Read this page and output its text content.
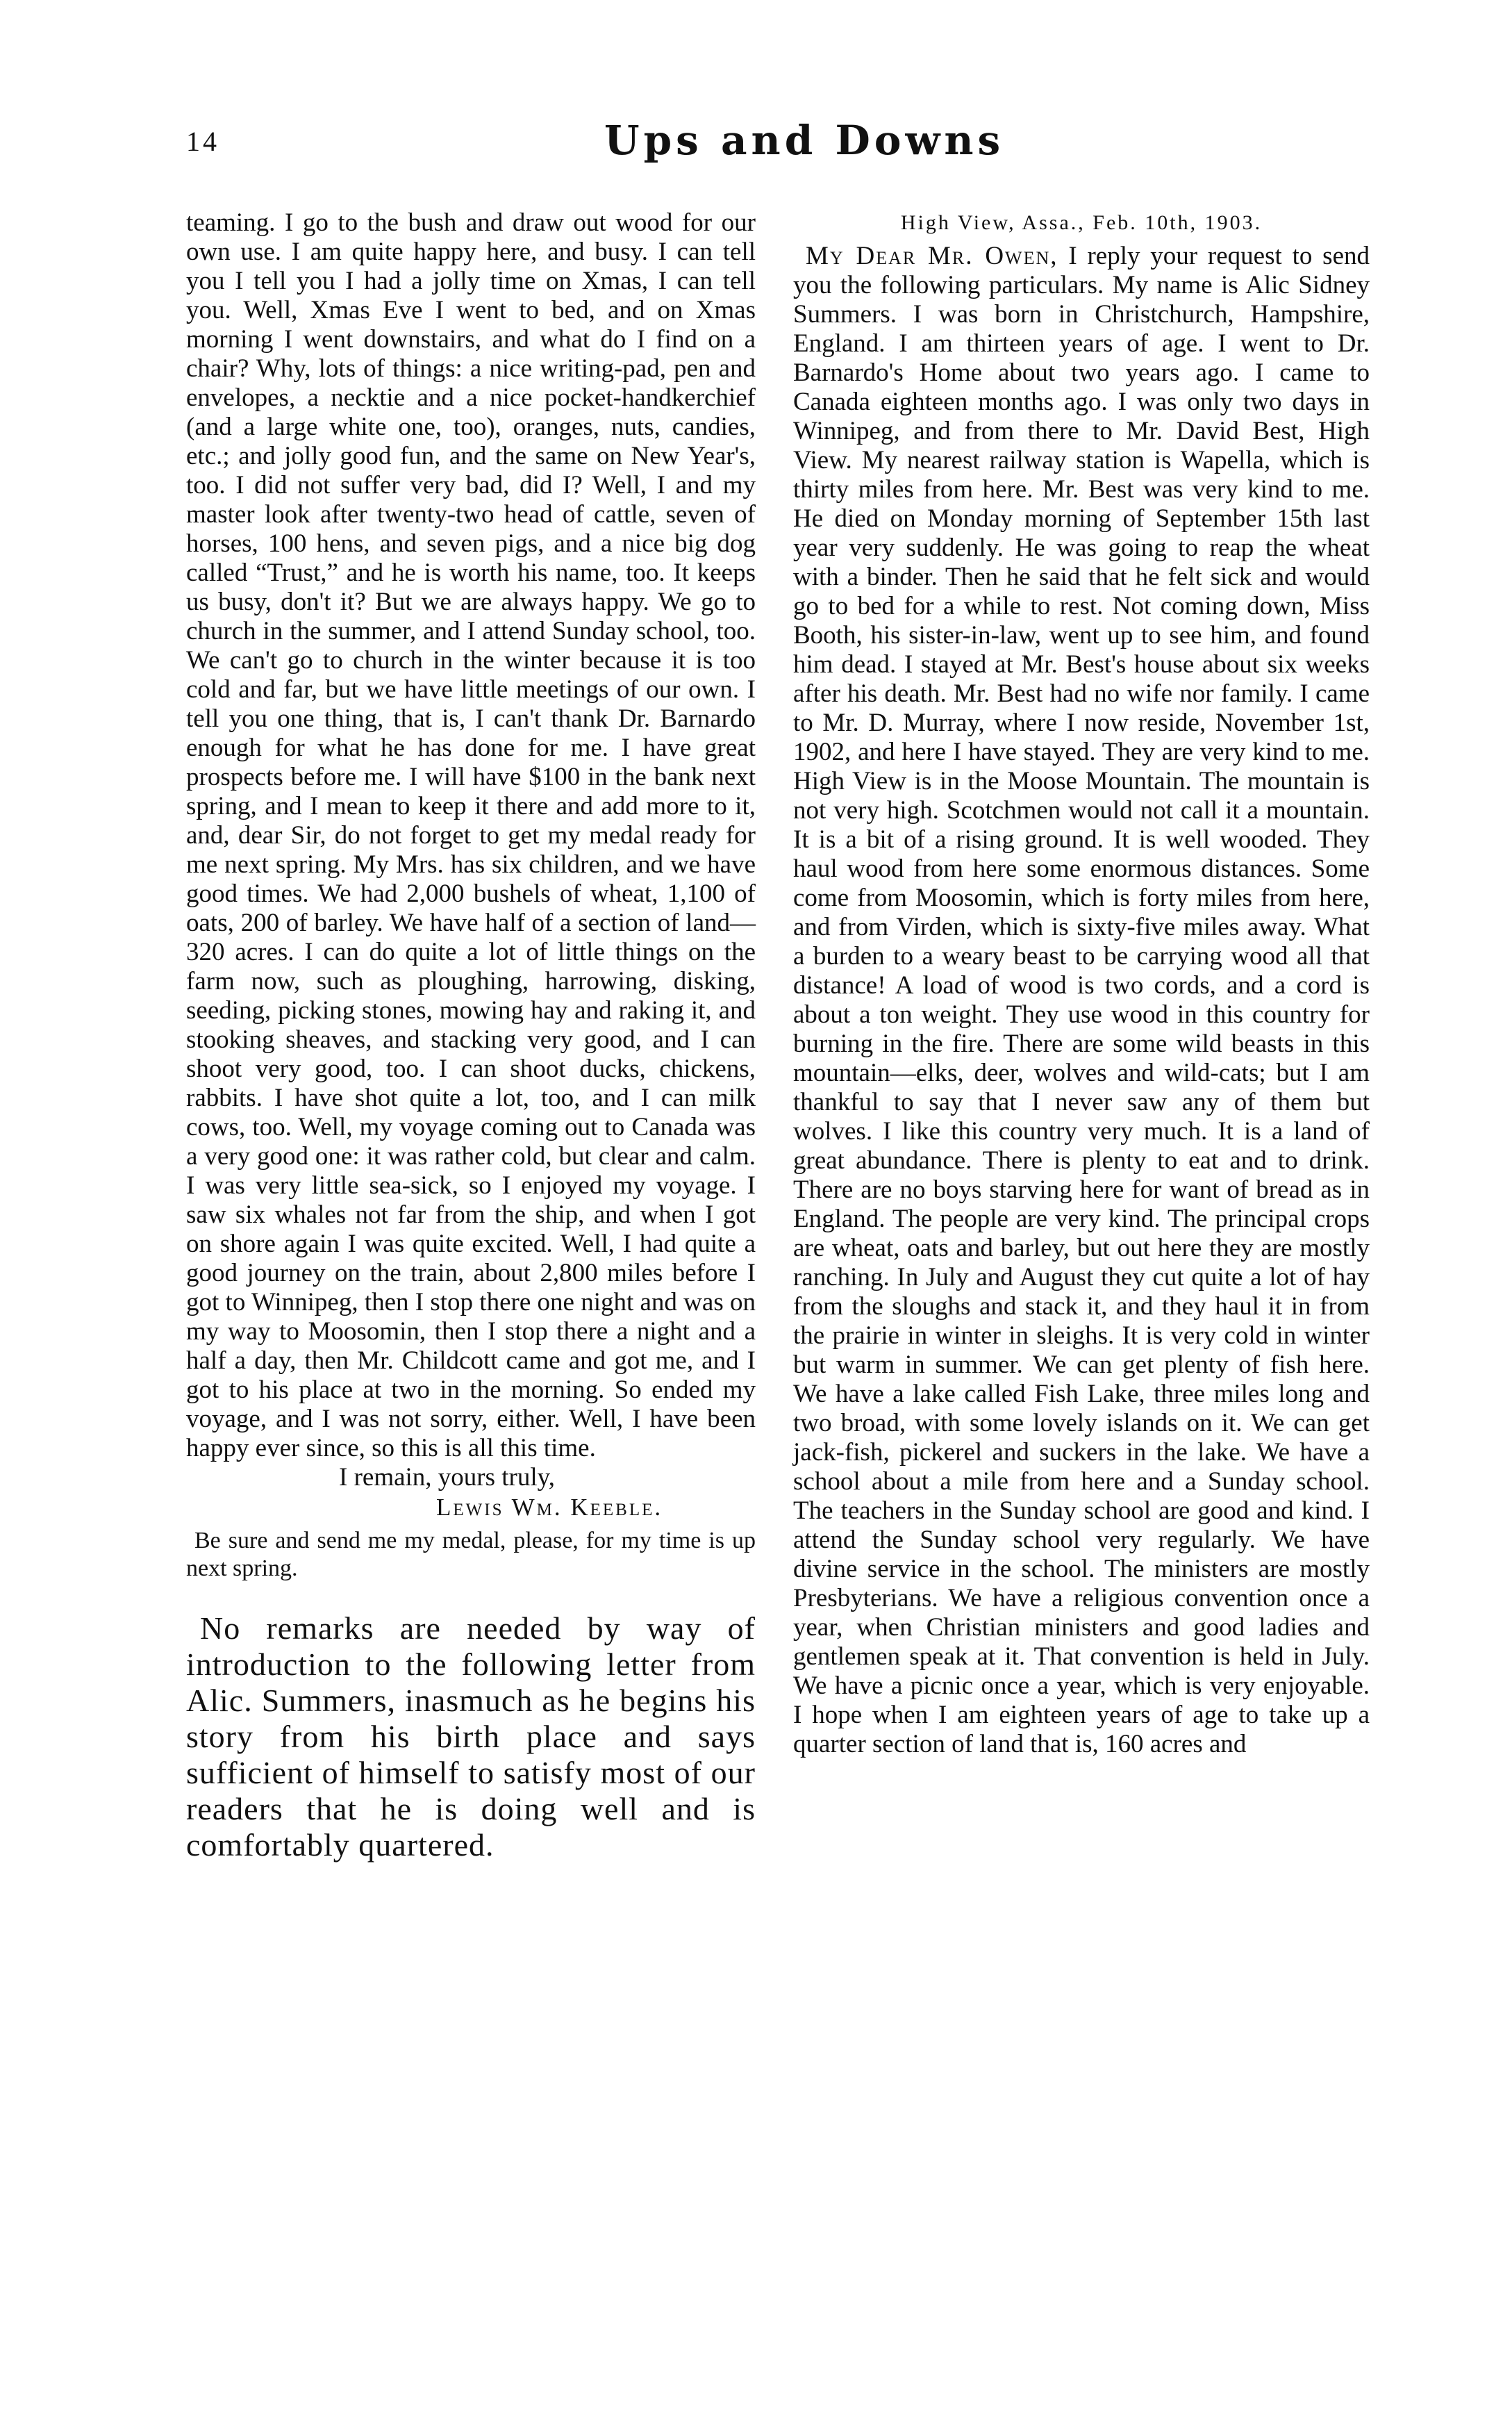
14	Ups and Downs

teaming. I go to the bush and draw out wood for our own use. I am quite happy here, and busy. I can tell you I tell you I had a jolly time on Xmas, I can tell you. Well, Xmas Eve I went to bed, and on Xmas morning I went downstairs, and what do I find on a chair? Why, lots of things: a nice writing-pad, pen and envelopes, a necktie and a nice pocket-handkerchief (and a large white one, too), oranges, nuts, candies, etc.; and jolly good fun, and the same on New Year's, too. I did not suffer very bad, did I? Well, I and my master look after twenty-two head of cattle, seven of horses, 100 hens, and seven pigs, and a nice big dog called “Trust,” and he is worth his name, too. It keeps us busy, don't it? But we are always happy. We go to church in the summer, and I attend Sunday school, too. We can't go to church in the winter because it is too cold and far, but we have little meetings of our own. I tell you one thing, that is, I can't thank Dr. Barnardo enough for what he has done for me. I have great prospects before me. I will have $100 in the bank next spring, and I mean to keep it there and add more to it, and, dear Sir, do not forget to get my medal ready for me next spring. My Mrs. has six children, and we have good times. We had 2,000 bushels of wheat, 1,100 of oats, 200 of barley. We have half of a section of land—320 acres. I can do quite a lot of little things on the farm now, such as ploughing, harrowing, disking, seeding, picking stones, mowing hay and raking it, and stooking sheaves, and stacking very good, and I can shoot very good, too. I can shoot ducks, chickens, rabbits. I have shot quite a lot, too, and I can milk cows, too. Well, my voyage coming out to Canada was a very good one: it was rather cold, but clear and calm. I was very little sea-sick, so I enjoyed my voyage. I saw six whales not far from the ship, and when I got on shore again I was quite excited. Well, I had quite a good journey on the train, about 2,800 miles before I got to Winnipeg, then I stop there one night and was on my way to Moosomin, then I stop there a night and a half a day, then Mr. Childcott came and got me, and I got to his place at two in the morning. So ended my voyage, and I was not sorry, either. Well, I have been happy ever since, so this is all this time.

I remain, yours truly,

Lewis Wm. Keeble.

Be sure and send me my medal, please, for my time is up next spring.

No remarks are needed by way of introduction to the following letter from Alic. Summers, inasmuch as he begins his story from his birth place and says sufficient of himself to satisfy most of our readers that he is doing well and is comfortably quartered.

High View, Assa., Feb. 10th, 1903.

My Dear Mr. Owen, I reply your request to send you the following particulars. My name is Alic Sidney Summers. I was born in Christchurch, Hampshire, England. I am thirteen years of age. I went to Dr. Barnardo's Home about two years ago. I came to Canada eighteen months ago. I was only two days in Winnipeg, and from there to Mr. David Best, High View. My nearest railway station is Wapella, which is thirty miles from here. Mr. Best was very kind to me. He died on Monday morning of September 15th last year very suddenly. He was going to reap the wheat with a binder. Then he said that he felt sick and would go to bed for a while to rest. Not coming down, Miss Booth, his sister-in-law, went up to see him, and found him dead. I stayed at Mr. Best's house about six weeks after his death. Mr. Best had no wife nor family. I came to Mr. D. Murray, where I now reside, November 1st, 1902, and here I have stayed. They are very kind to me. High View is in the Moose Mountain. The mountain is not very high. Scotchmen would not call it a mountain. It is a bit of a rising ground. It is well wooded. They haul wood from here some enormous distances. Some come from Moosomin, which is forty miles from here, and from Virden, which is sixty-five miles away. What a burden to a weary beast to be carrying wood all that distance! A load of wood is two cords, and a cord is about a ton weight. They use wood in this country for burning in the fire. There are some wild beasts in this mountain—elks, deer, wolves and wild-cats; but I am thankful to say that I never saw any of them but wolves. I like this country very much. It is a land of great abundance. There is plenty to eat and to drink. There are no boys starving here for want of bread as in England. The people are very kind. The principal crops are wheat, oats and barley, but out here they are mostly ranching. In July and August they cut quite a lot of hay from the sloughs and stack it, and they haul it in from the prairie in winter in sleighs. It is very cold in winter but warm in summer. We can get plenty of fish here. We have a lake called Fish Lake, three miles long and two broad, with some lovely islands on it. We can get jack-fish, pickerel and suckers in the lake. We have a school about a mile from here and a Sunday school. The teachers in the Sunday school are good and kind. I attend the Sunday school very regularly. We have divine service in the school. The ministers are mostly Presbyterians. We have a religious convention once a year, when Christian ministers and good ladies and gentlemen speak at it. That convention is held in July. We have a picnic once a year, which is very enjoyable. I hope when I am eighteen years of age to take up a quarter section of land that is, 160 acres and
